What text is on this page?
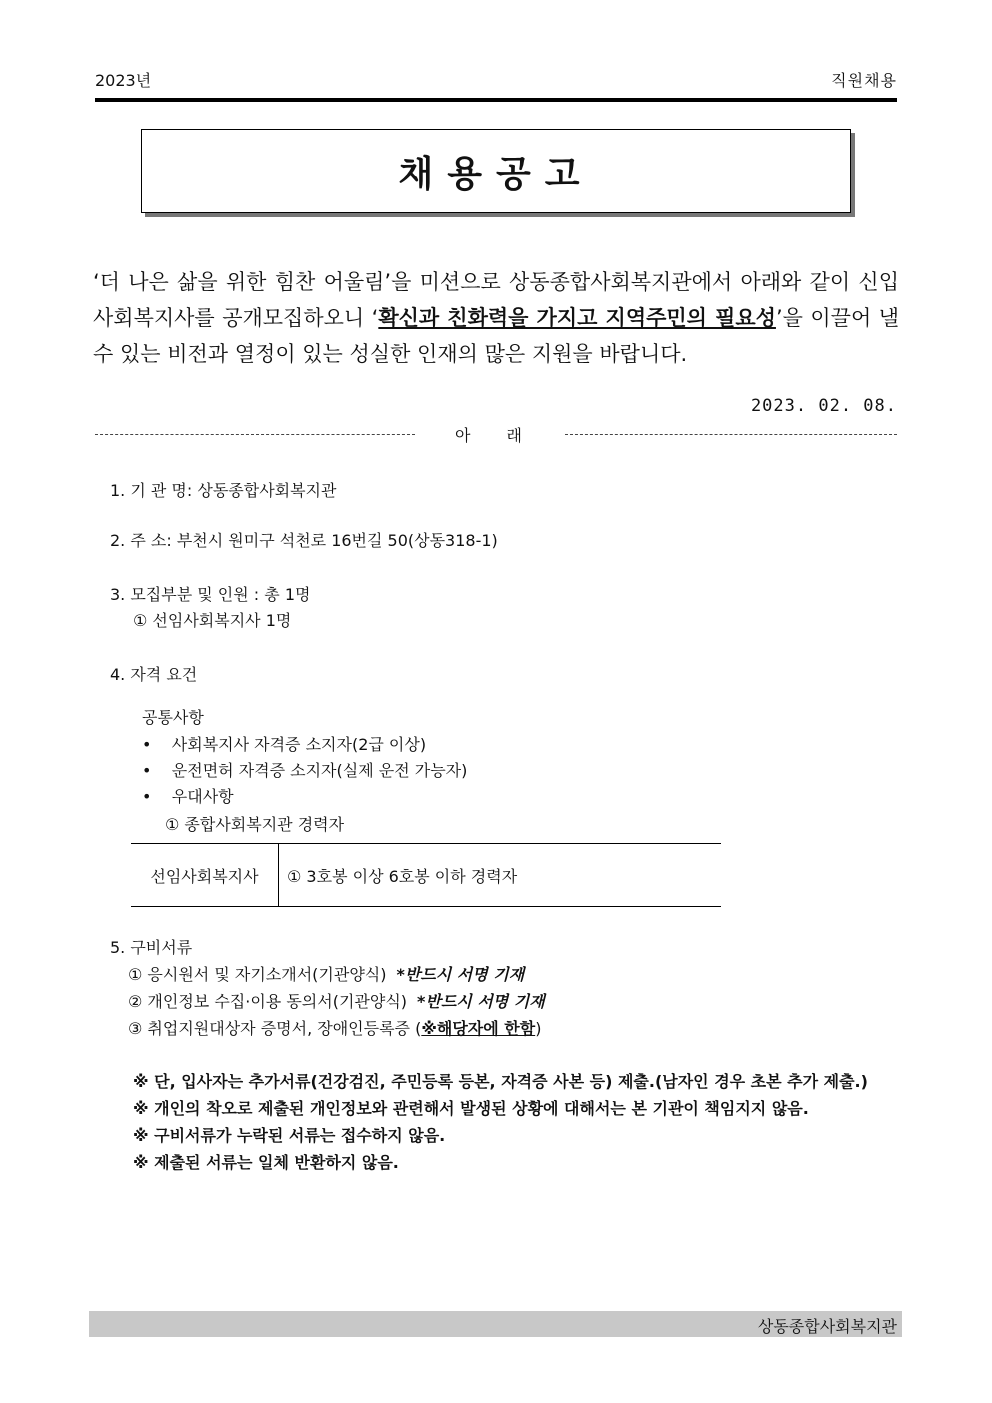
2023년	직원채용
채용공고
‘더 나은 삶을 위한 힘찬 어울림’을 미션으로 상동종합사회복지관에서 아래와 같이 신입 사회복지사를 공개모집하오니 ‘확신과 친화력을 가지고 지역주민의 필요성’을 이끌어 낼 수 있는 비전과 열정이 있는 성실한 인재의 많은 지원을 바랍니다.
2023. 02. 08.
아래
1. 기 관 명: 상동종합사회복지관
2. 주 소: 부천시 원미구 석천로 16번길 50(상동318-1)
3. 모집부분 및 인원 : 총 1명
① 선임사회복지사 1명
4. 자격 요건
공통사항
•    사회복지사 자격증 소지자(2급 이상)
•    운전면허 자격증 소지자(실제 운전 가능자)
•    우대사항
① 종합사회복지관 경력자
선임사회복지사	① 3호봉 이상 6호봉 이하 경력자
5. 구비서류
① 응시원서 및 자기소개서(기관양식) *반드시 서명 기재
② 개인정보 수집·이용 동의서(기관양식) *반드시 서명 기재
③ 취업지원대상자 증명서, 장애인등록증 (※해당자에 한함)
※ 단, 입사자는 추가서류(건강검진, 주민등록 등본, 자격증 사본 등) 제출.(남자인 경우 초본 추가 제출.)
※ 개인의 착오로 제출된 개인정보와 관련해서 발생된 상황에 대해서는 본 기관이 책임지지 않음.
※ 구비서류가 누락된 서류는 접수하지 않음.
※ 제출된 서류는 일체 반환하지 않음.
상동종합사회복지관
